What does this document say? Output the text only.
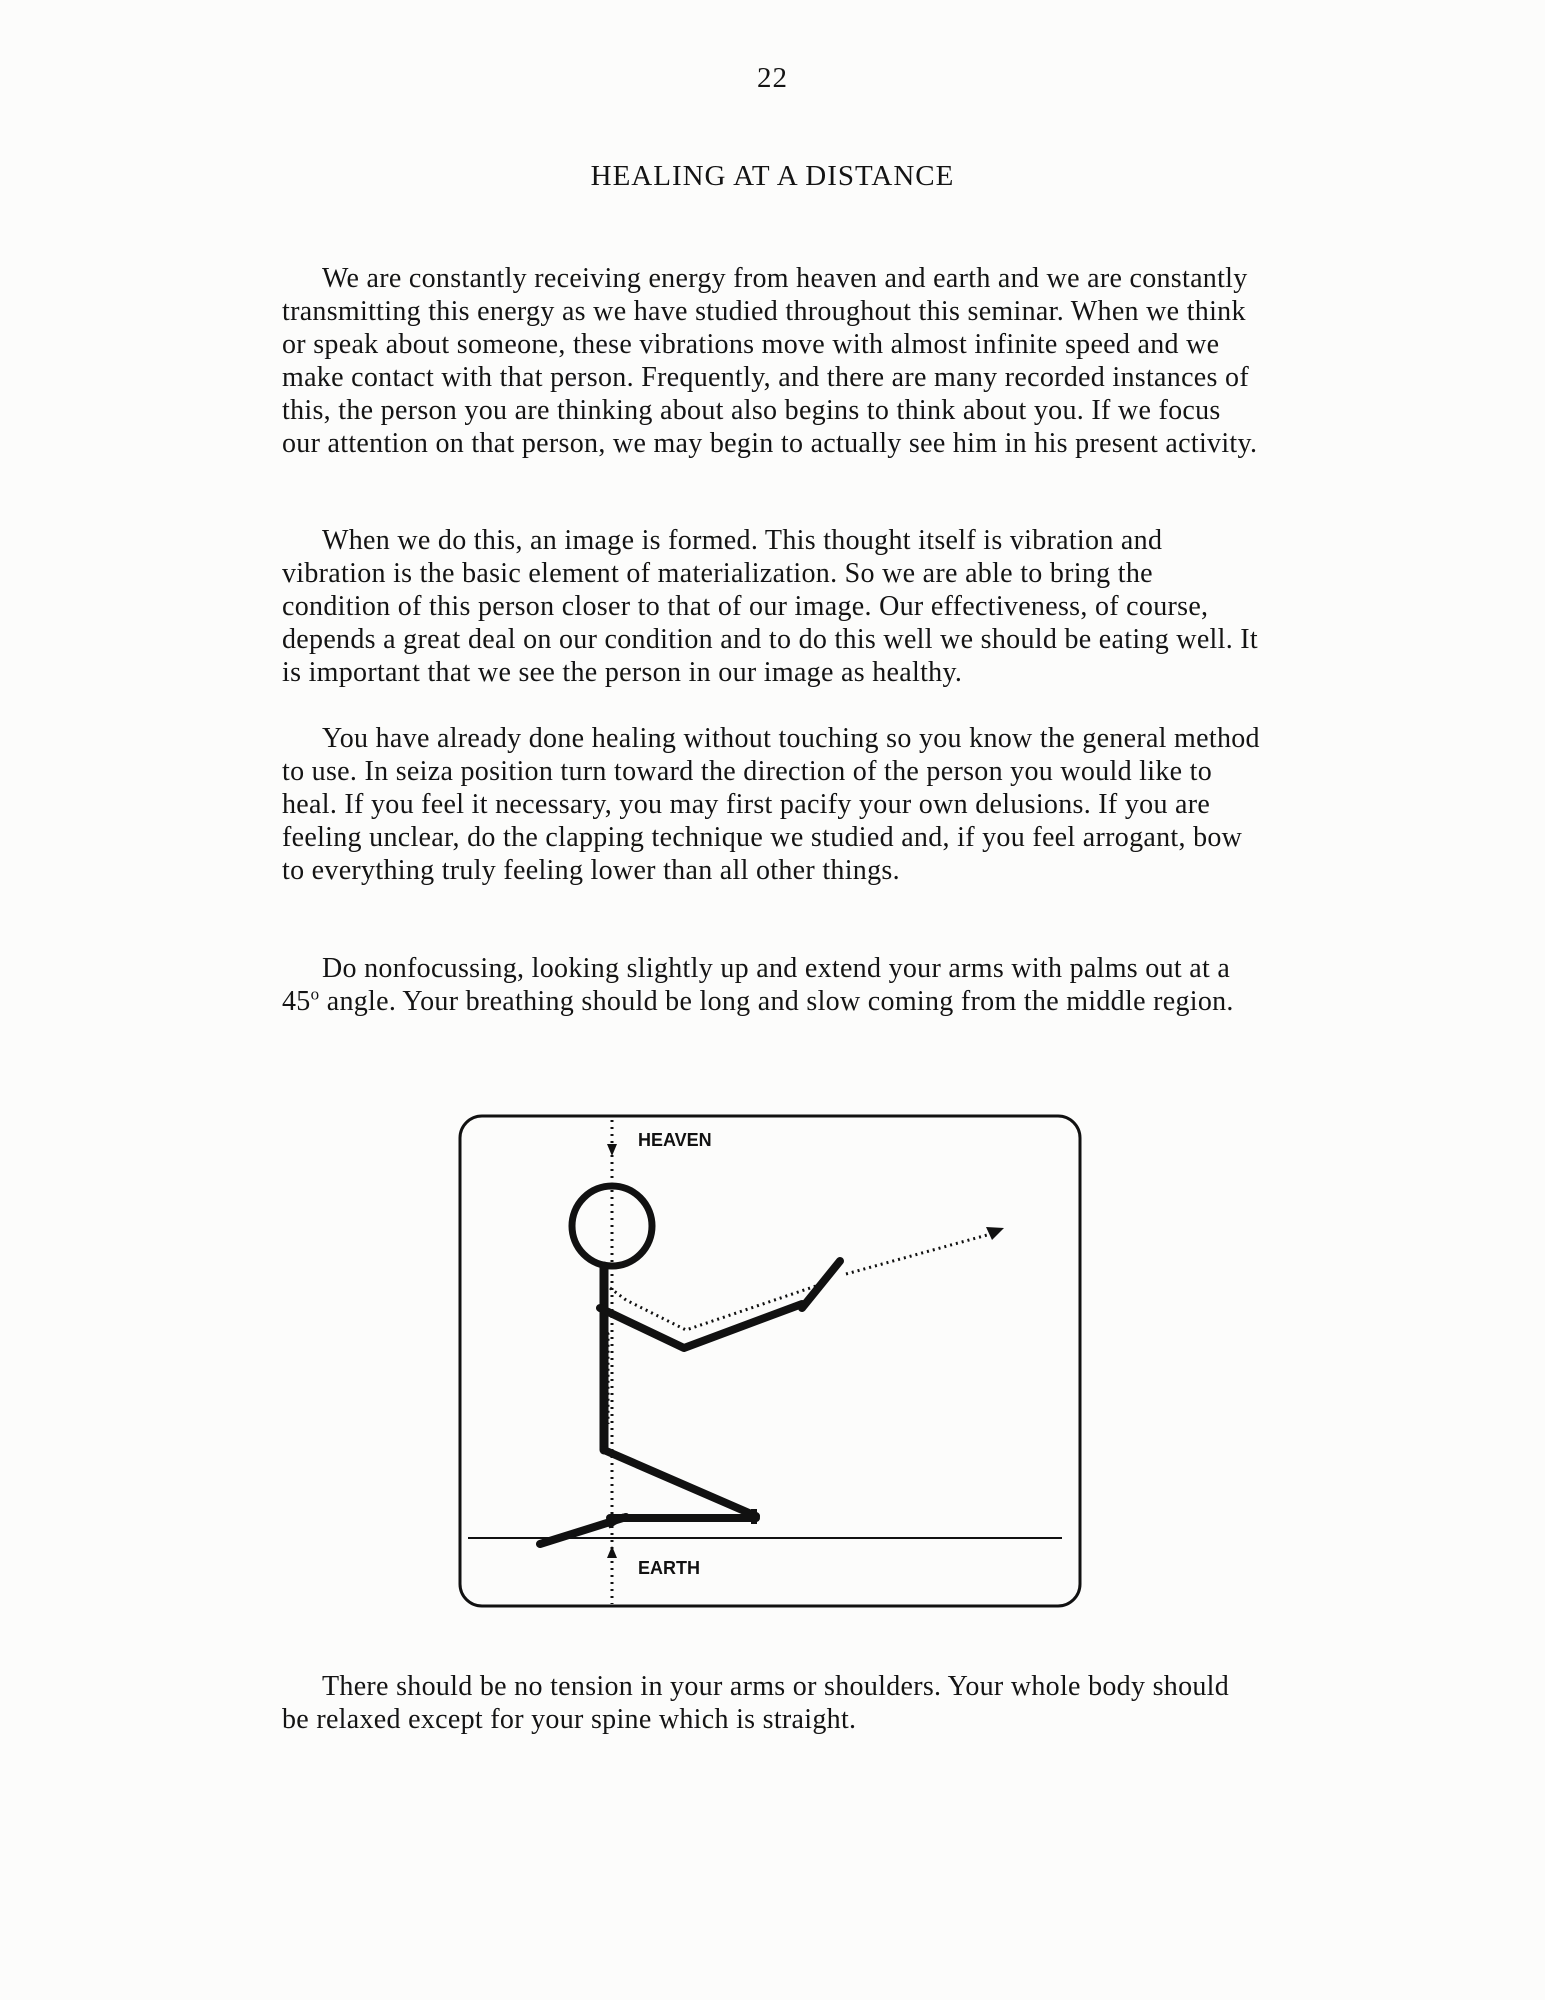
22
HEALING AT A DISTANCE

We are constantly receiving energy from heaven and earth and we are constantly transmitting this energy as we have studied throughout this seminar. When we think or speak about someone, these vibrations move with almost infinite speed and we make contact with that person. Frequently, and there are many recorded instances of this, the person you are thinking about also begins to think about you. If we focus our attention on that person, we may begin to actually see him in his present activity.

When we do this, an image is formed. This thought itself is vibration and vibration is the basic element of materialization. So we are able to bring the condition of this person closer to that of our image. Our effectiveness, of course, depends a great deal on our condition and to do this well we should be eating well. It is important that we see the person in our image as healthy.

You have already done healing without touching so you know the general method to use. In seiza position turn toward the direction of the person you would like to heal. If you feel it necessary, you may first pacify your own delusions. If you are feeling unclear, do the clapping technique we studied and, if you feel arrogant, bow to everything truly feeling lower than all other things.

Do nonfocussing, looking slightly up and extend your arms with palms out at a 45$^o$ angle. Your breathing should be long and slow coming from the middle region.

HEAVEN
EARTH

There should be no tension in your arms or shoulders. Your whole body should be relaxed except for your spine which is straight.
